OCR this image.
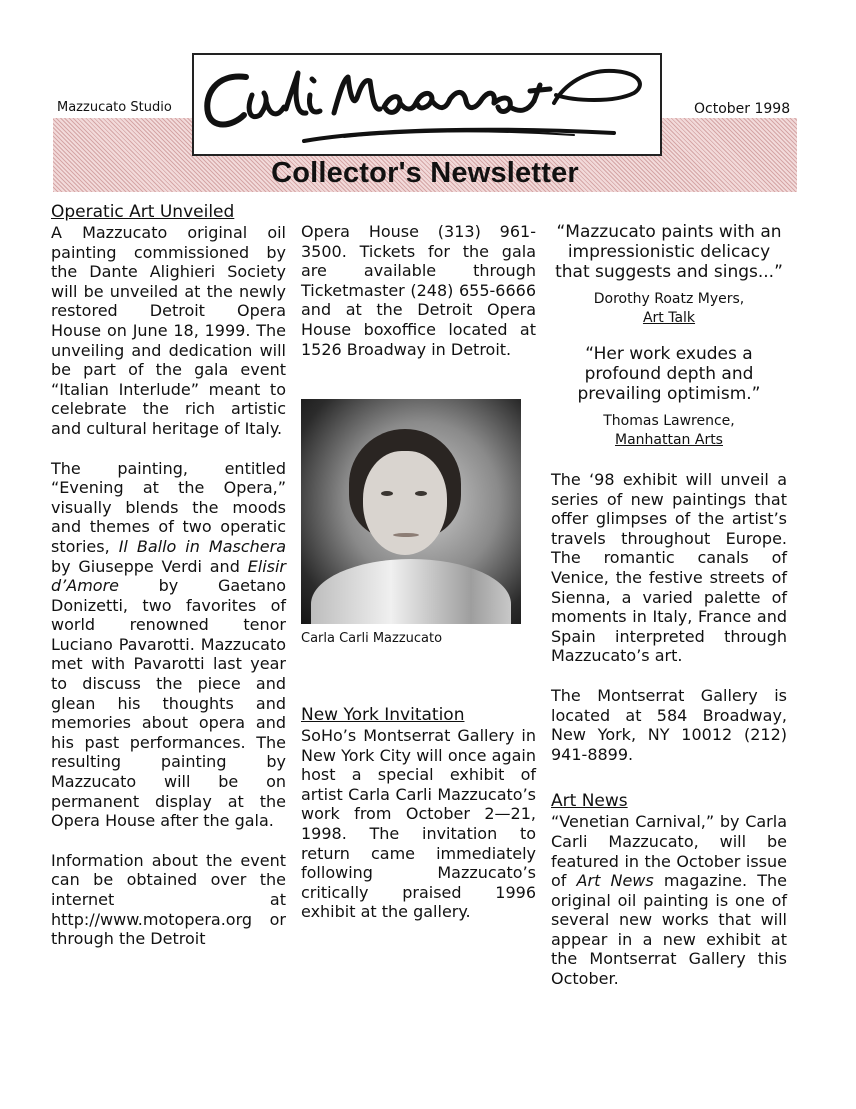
Mazzucato Studio	October 1998
Collector's Newsletter
Operatic Art Unveiled

A Mazzucato original oil painting commissioned by the Dante Alighieri Society will be unveiled at the newly restored Detroit Opera House on June 18, 1999. The unveiling and dedication will be part of the gala event “Italian Interlude” meant to celebrate the rich artistic and cultural heritage of Italy.

The painting, entitled “Evening at the Opera,” visually blends the moods and themes of two operatic stories, Il Ballo in Maschera by Giuseppe Verdi and Elisir d’Amore by Gaetano Donizetti, two favorites of world renowned tenor Luciano Pavarotti. Mazzucato met with Pavarotti last year to discuss the piece and glean his thoughts and memories about opera and his past performances. The resulting painting by Mazzucato will be on permanent display at the Opera House after the gala.

Information about the event can be obtained over the internet at http://www.motopera.org or through the Detroit

Opera House (313) 961-3500. Tickets for the gala are available through Ticketmaster (248) 655-6666 and at the Detroit Opera House boxoffice located at 1526 Broadway in Detroit.

Carla Carli Mazzucato
New York Invitation

SoHo’s Montserrat Gallery in New York City will once again host a special exhibit of artist Carla Carli Mazzucato’s work from October 2—21, 1998. The invitation to return came immediately following Mazzucato’s critically praised 1996 exhibit at the gallery.

“Mazzucato paints with an impressionistic delicacy that suggests and sings...”
Dorothy Roatz Myers,
Art Talk
“Her work exudes a profound depth and prevailing optimism.”
Thomas Lawrence,
Manhattan Arts

The ‘98 exhibit will unveil a series of new paintings that offer glimpses of the artist’s travels throughout Europe. The romantic canals of Venice, the festive streets of Sienna, a varied palette of moments in Italy, France and Spain interpreted through Mazzucato’s art.

The Montserrat Gallery is located at 584 Broadway, New York, NY 10012 (212) 941-8899.

Art News

“Venetian Carnival,” by Carla Carli Mazzucato, will be featured in the October issue of Art News magazine. The original oil painting is one of several new works that will appear in a new exhibit at the Montserrat Gallery this October.
